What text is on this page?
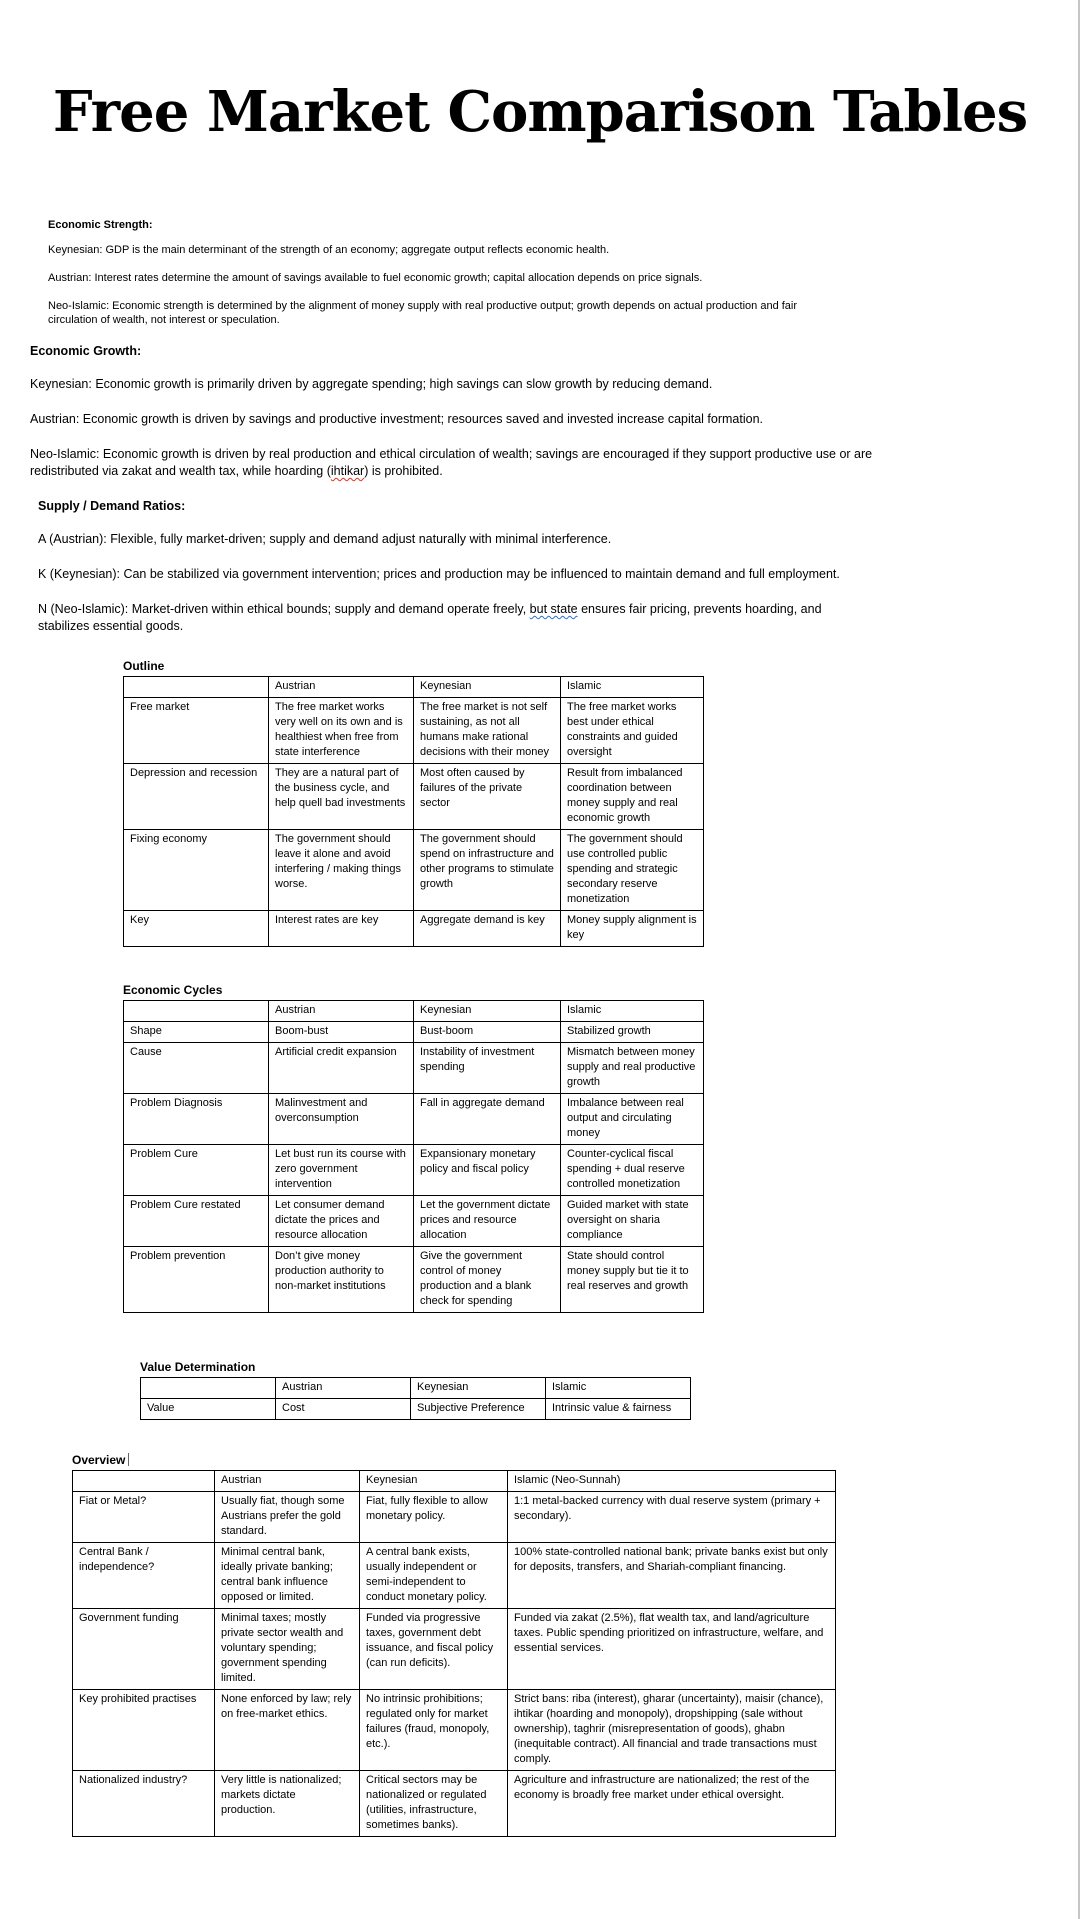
Free Market Comparison Tables
Economic Strength:

Keynesian: GDP is the main determinant of the strength of an economy; aggregate output reflects economic health.

Austrian: Interest rates determine the amount of savings available to fuel economic growth; capital allocation depends on price signals.

Neo-Islamic: Economic strength is determined by the alignment of money supply with real productive output; growth depends on actual production and fair circulation of wealth, not interest or speculation.

Economic Growth:

Keynesian: Economic growth is primarily driven by aggregate spending; high savings can slow growth by reducing demand.

Austrian: Economic growth is driven by savings and productive investment; resources saved and invested increase capital formation.

Neo-Islamic: Economic growth is driven by real production and ethical circulation of wealth; savings are encouraged if they support productive use or are redistributed via zakat and wealth tax, while hoarding (ihtikar) is prohibited.

Supply / Demand Ratios:

A (Austrian): Flexible, fully market-driven; supply and demand adjust naturally with minimal interference.

K (Keynesian): Can be stabilized via government intervention; prices and production may be influenced to maintain demand and full employment.

N (Neo-Islamic): Market-driven within ethical bounds; supply and demand operate freely, but state ensures fair pricing, prevents hoarding, and stabilizes essential goods.

Outline
	Austrian	Keynesian	Islamic
Free market	The free market works very well on its own and is healthiest when free from state interference	The free market is not self sustaining, as not all humans make rational decisions with their money	The free market works best under ethical constraints and guided oversight
Depression and recession	They are a natural part of the business cycle, and help quell bad investments	Most often caused by failures of the private sector	Result from imbalanced coordination between money supply and real economic growth
Fixing economy	The government should leave it alone and avoid interfering / making things worse.	The government should spend on infrastructure and other programs to stimulate growth	The government should use controlled public spending and strategic secondary reserve monetization
Key	Interest rates are key	Aggregate demand is key	Money supply alignment is key
Economic Cycles
	Austrian	Keynesian	Islamic
Shape	Boom-bust	Bust-boom	Stabilized growth
Cause	Artificial credit expansion	Instability of investment spending	Mismatch between money supply and real productive growth
Problem Diagnosis	Malinvestment and overconsumption	Fall in aggregate demand	Imbalance between real output and circulating money
Problem Cure	Let bust run its course with zero government intervention	Expansionary monetary policy and fiscal policy	Counter-cyclical fiscal spending + dual reserve controlled monetization
Problem Cure restated	Let consumer demand dictate the prices and resource allocation	Let the government dictate prices and resource allocation	Guided market with state oversight on sharia compliance
Problem prevention	Don’t give money production authority to non-market institutions	Give the government control of money production and a blank check for spending	State should control money supply but tie it to real reserves and growth
Value Determination
	Austrian	Keynesian	Islamic
Value	Cost	Subjective Preference	Intrinsic value & fairness
Overview
	Austrian	Keynesian	Islamic (Neo-Sunnah)
Fiat or Metal?	Usually fiat, though some Austrians prefer the gold standard.	Fiat, fully flexible to allow monetary policy.	1:1 metal-backed currency with dual reserve system (primary + secondary).
Central Bank / independence?	Minimal central bank, ideally private banking; central bank influence opposed or limited.	A central bank exists, usually independent or semi-independent to conduct monetary policy.	100% state-controlled national bank; private banks exist but only for deposits, transfers, and Shariah-compliant financing.
Government funding	Minimal taxes; mostly private sector wealth and voluntary spending; government spending limited.	Funded via progressive taxes, government debt issuance, and fiscal policy (can run deficits).	Funded via zakat (2.5%), flat wealth tax, and land/agriculture taxes. Public spending prioritized on infrastructure, welfare, and essential services.
Key prohibited practises	None enforced by law; rely on free-market ethics.	No intrinsic prohibitions; regulated only for market failures (fraud, monopoly, etc.).	Strict bans: riba (interest), gharar (uncertainty), maisir (chance), ihtikar (hoarding and monopoly), dropshipping (sale without ownership), taghrir (misrepresentation of goods), ghabn (inequitable contract). All financial and trade transactions must comply.
Nationalized industry?	Very little is nationalized; markets dictate production.	Critical sectors may be nationalized or regulated (utilities, infrastructure, sometimes banks).	Agriculture and infrastructure are nationalized; the rest of the economy is broadly free market under ethical oversight.
